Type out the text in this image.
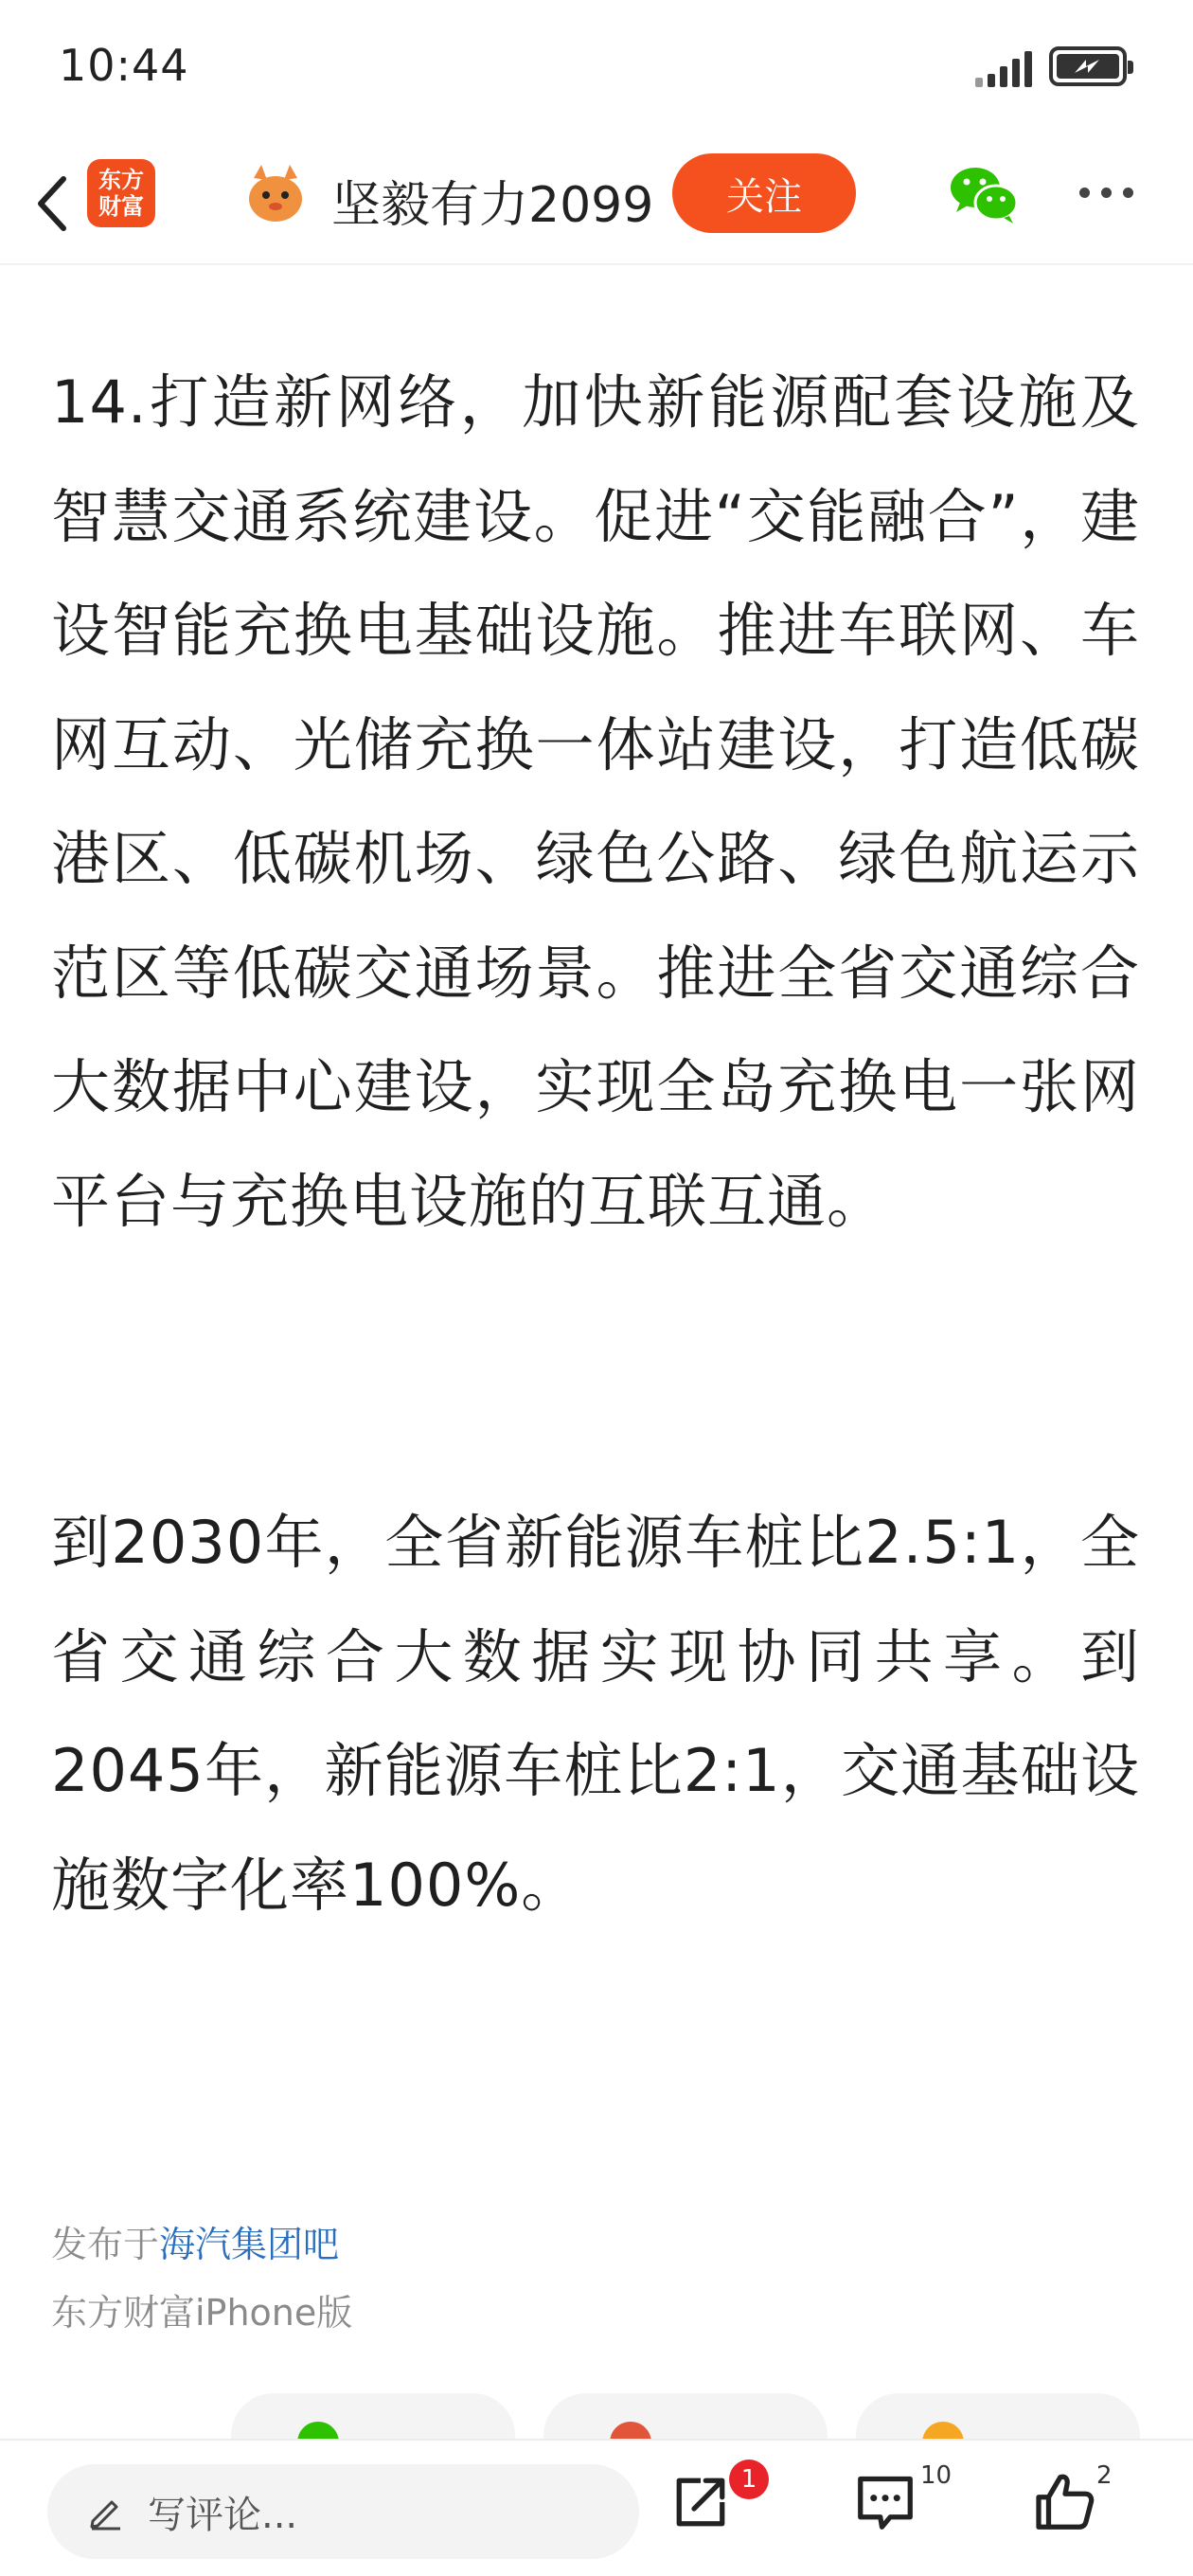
10:44
东方
财富	坚毅有力2099	关注

14.打造新网络，加快新能源配套设施及智慧交通系统建设。促进“交能融合”，建设智能充换电基础设施。推进车联网、车网互动、光储充换一体站建设，打造低碳港区、低碳机场、绿色公路、绿色航运示范区等低碳交通场景。推进全省交通综合大数据中心建设，实现全岛充换电一张网平台与充换电设施的互联互通。

到2030年，全省新能源车桩比2.5:1，全省交通综合大数据实现协同共享。到2045年，新能源车桩比2:1，交通基础设施数字化率100%。

发布于海汽集团吧
东方财富iPhone版
写评论...
1	10	2
